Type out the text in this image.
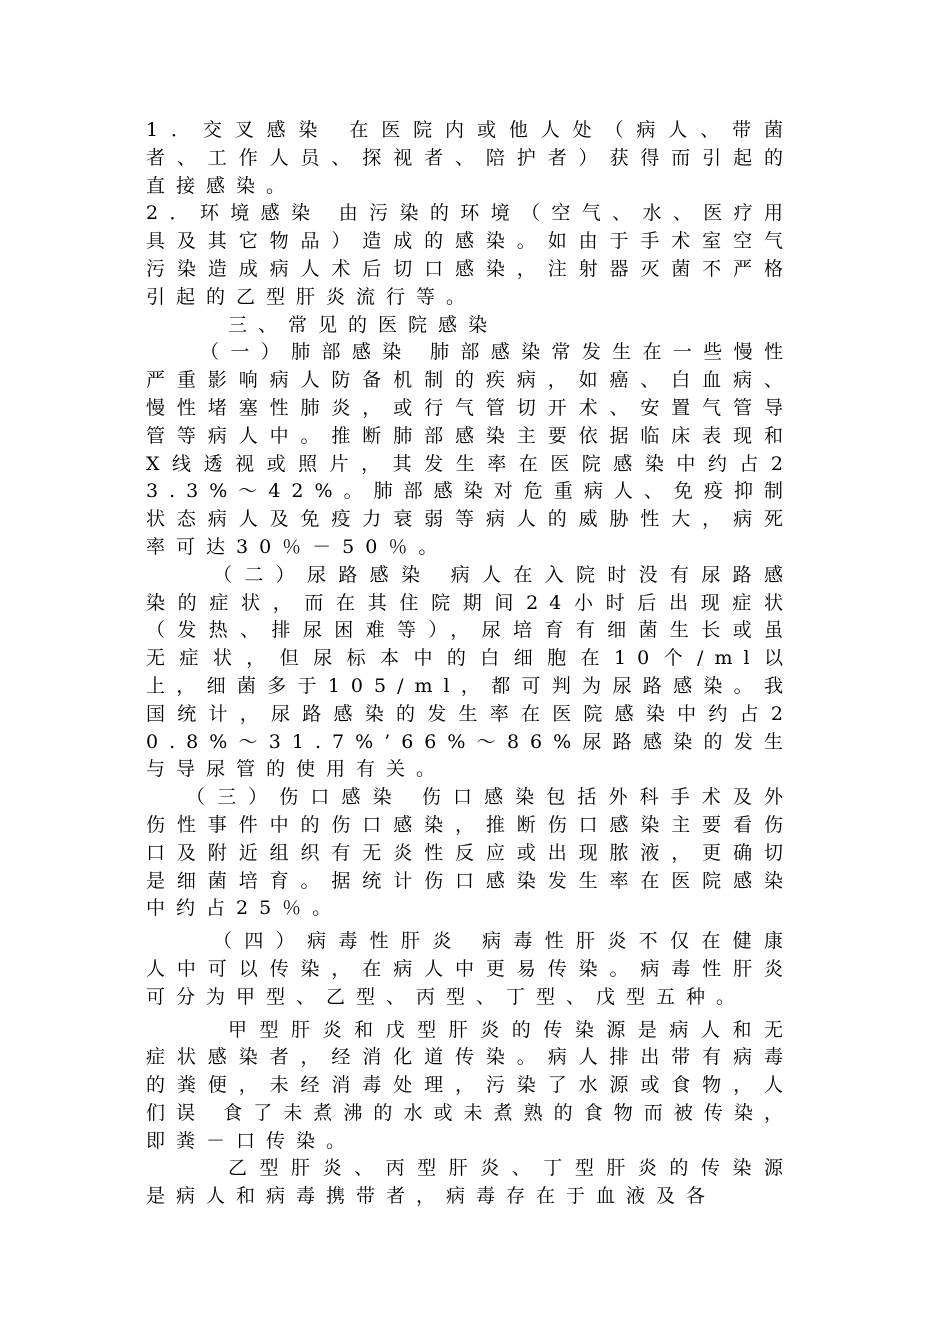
1．交叉感染 在医院内或他人处（病人、带菌者、工作人员、探视者、陪护者）获得而引起的直接感染。

2．环境感染 由污染的环境（空气、水、医疗用具及其它物品）造成的感染。如由于手术室空气污染造成病人术后切口感染，注射器灭菌不严格引起的乙型肝炎流行等。

三、常见的医院感染

（一）肺部感染 肺部感染常发生在一些慢性严重影响病人防备机制的疾病，如癌、白血病、慢性堵塞性肺炎，或行气管切开术、安置气管导管等病人中。推断肺部感染主要依据临床表现和X线透视或照片，其发生率在医院感染中约占23.3%～42%。肺部感染对危重病人、免疫抑制状态病人及免疫力衰弱等病人的威胁性大，病死率可达30％－50％。

（二）尿路感染 病人在入院时没有尿路感染的症状，而在其住院期间24小时后出现症状（发热、排尿困难等），尿培育有细菌生长或虽无症状，但尿标本中的白细胞在10个/ml以上，细菌多于105/ml，都可判为尿路感染。我国统计，尿路感染的发生率在医院感染中约占20.8%～31.7%’66%～86%尿路感染的发生与导尿管的使用有关。

（三）伤口感染 伤口感染包括外科手术及外伤性事件中的伤口感染，推断伤口感染主要看伤口及附近组织有无炎性反应或出现脓液，更确切是细菌培育。据统计伤口感染发生率在医院感染中约占25％。

（四）病毒性肝炎 病毒性肝炎不仅在健康人中可以传染，在病人中更易传染。病毒性肝炎可分为甲型、乙型、丙型、丁型、戊型五种。

甲型肝炎和戊型肝炎的传染源是病人和无症状感染者，经消化道传染。病人排出带有病毒的粪便，未经消毒处理，污染了水源或食物，人们误 食了未煮沸的水或未煮熟的食物而被传染，即粪－口传染。

乙型肝炎、丙型肝炎、丁型肝炎的传染源是病人和病毒携带者，病毒存在于血液及各
